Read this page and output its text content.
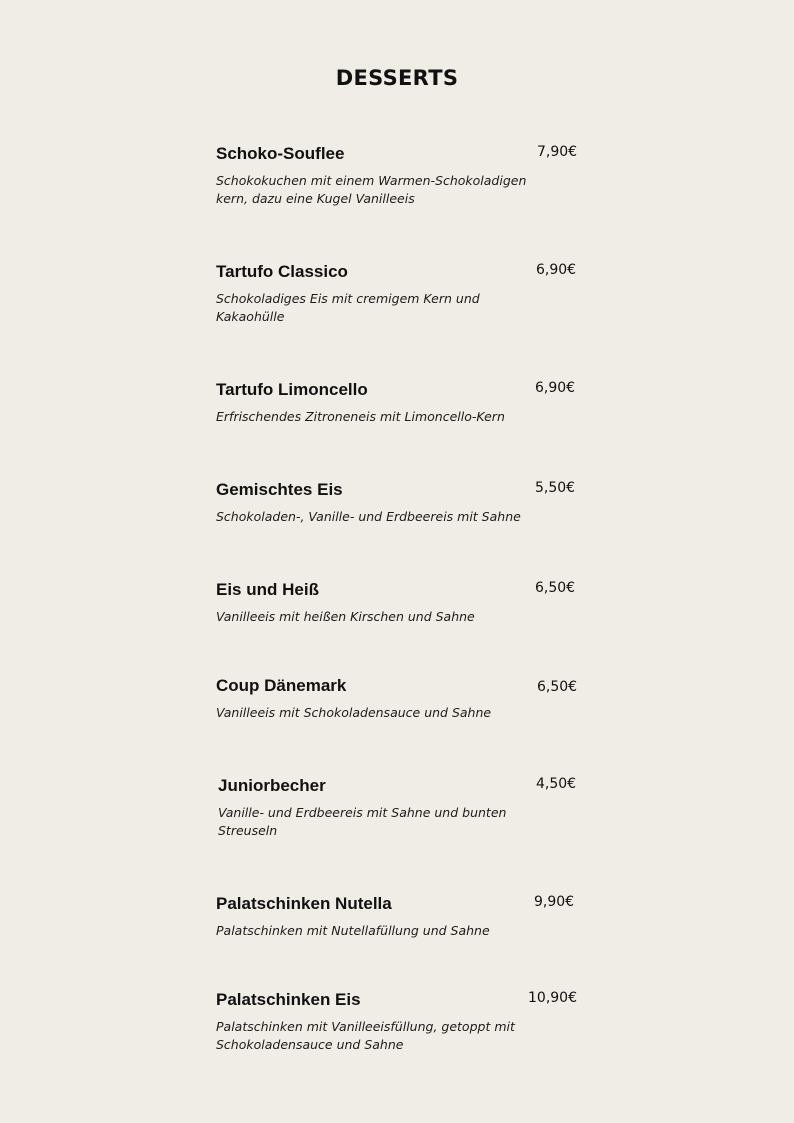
DESSERTS
Schoko-Souflee	7,90€
Schokokuchen mit einem Warmen-Schokoladigen kern, dazu eine Kugel Vanilleeis
Tartufo Classico	6,90€
Schokoladiges Eis mit cremigem Kern und Kakaohülle
Tartufo Limoncello	6,90€
Erfrischendes Zitroneneis mit Limoncello-Kern
Gemischtes Eis	5,50€
Schokoladen-, Vanille- und Erdbeereis mit Sahne
Eis und Heiß	6,50€
Vanilleeis mit heißen Kirschen und Sahne
Coup Dänemark	6,50€
Vanilleeis mit Schokoladensauce und Sahne
Juniorbecher	4,50€
Vanille- und Erdbeereis mit Sahne und bunten Streuseln
Palatschinken Nutella	9,90€
Palatschinken mit Nutellafüllung und Sahne
Palatschinken Eis	10,90€
Palatschinken mit Vanilleeisfüllung, getoppt mit Schokoladensauce und Sahne
